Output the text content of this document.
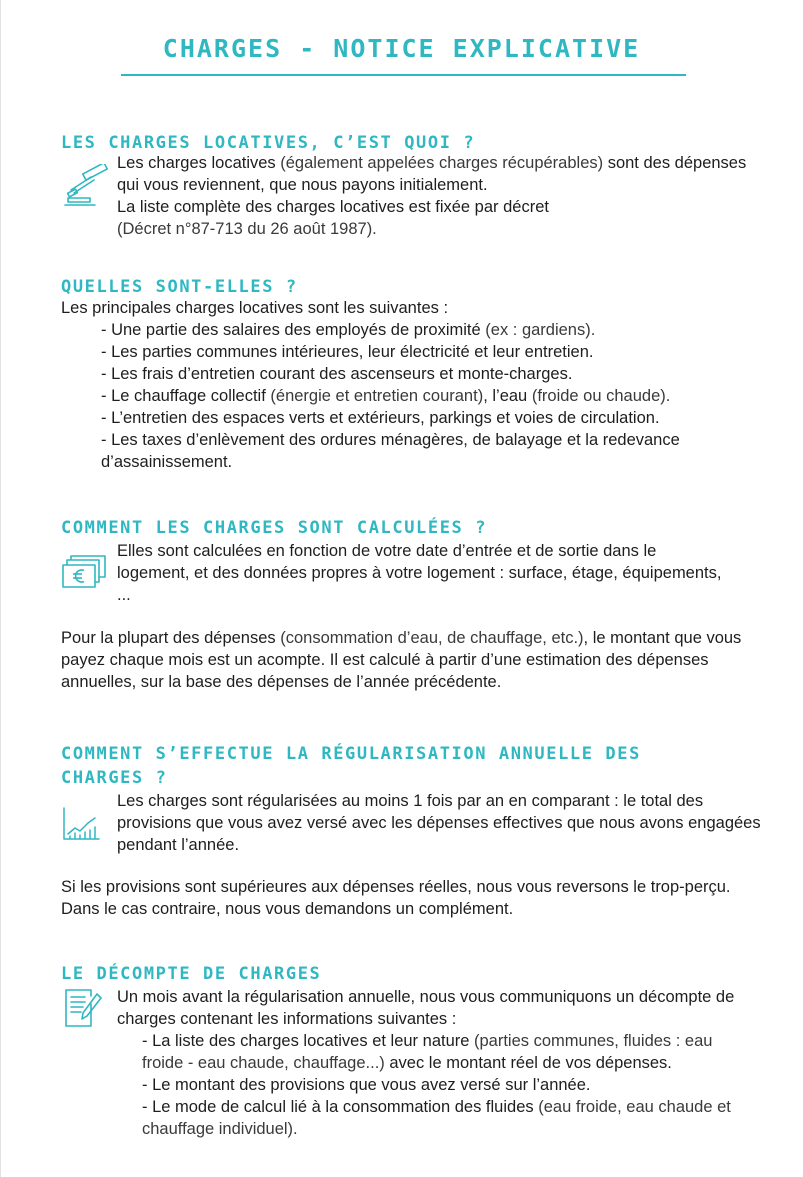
CHARGES - NOTICE EXPLICATIVE
LES CHARGES LOCATIVES, C’EST QUOI ?

Les charges locatives (également appelées charges récupérables) sont des dépenses qui vous reviennent, que nous payons initialement.

La liste complète des charges locatives est fixée par décret

(Décret n°87-713 du 26 août 1987).

QUELLES SONT-ELLES ?

Les principales charges locatives sont les suivantes :

- Une partie des salaires des employés de proximité (ex : gardiens).
- Les parties communes intérieures, leur électricité et leur entretien.
- Les frais d’entretien courant des ascenseurs et monte-charges.
- Le chauffage collectif (énergie et entretien courant), l’eau (froide ou chaude).
- L’entretien des espaces verts et extérieurs, parkings et voies de circulation.
- Les taxes d’enlèvement des ordures ménagères, de balayage et la redevance d’assainissement.
COMMENT LES CHARGES SONT CALCULÉES ?

Elles sont calculées en fonction de votre date d’entrée et de sortie dans le logement, et des données propres à votre logement : surface, étage, équipements, ...

Pour la plupart des dépenses (consommation d’eau, de chauffage, etc.), le montant que vous payez chaque mois est un acompte. Il est calculé à partir d’une estimation des dépenses annuelles, sur la base des dépenses de l’année précédente.

COMMENT S’EFFECTUE LA RÉGULARISATION ANNUELLE DES
CHARGES ?

Les charges sont régularisées au moins 1 fois par an en comparant : le total des provisions que vous avez versé avec les dépenses effectives que nous avons engagées pendant l’année.

Si les provisions sont supérieures aux dépenses réelles, nous vous reversons le trop-perçu. Dans le cas contraire, nous vous demandons un complément.

LE DÉCOMPTE DE CHARGES

Un mois avant la régularisation annuelle, nous vous communiquons un décompte de charges contenant les informations suivantes :

- La liste des charges locatives et leur nature (parties communes, fluides : eau froide - eau chaude, chauffage...) avec le montant réel de vos dépenses.
- Le montant des provisions que vous avez versé sur l’année.
- Le mode de calcul lié à la consommation des fluides (eau froide, eau chaude et chauffage individuel).
